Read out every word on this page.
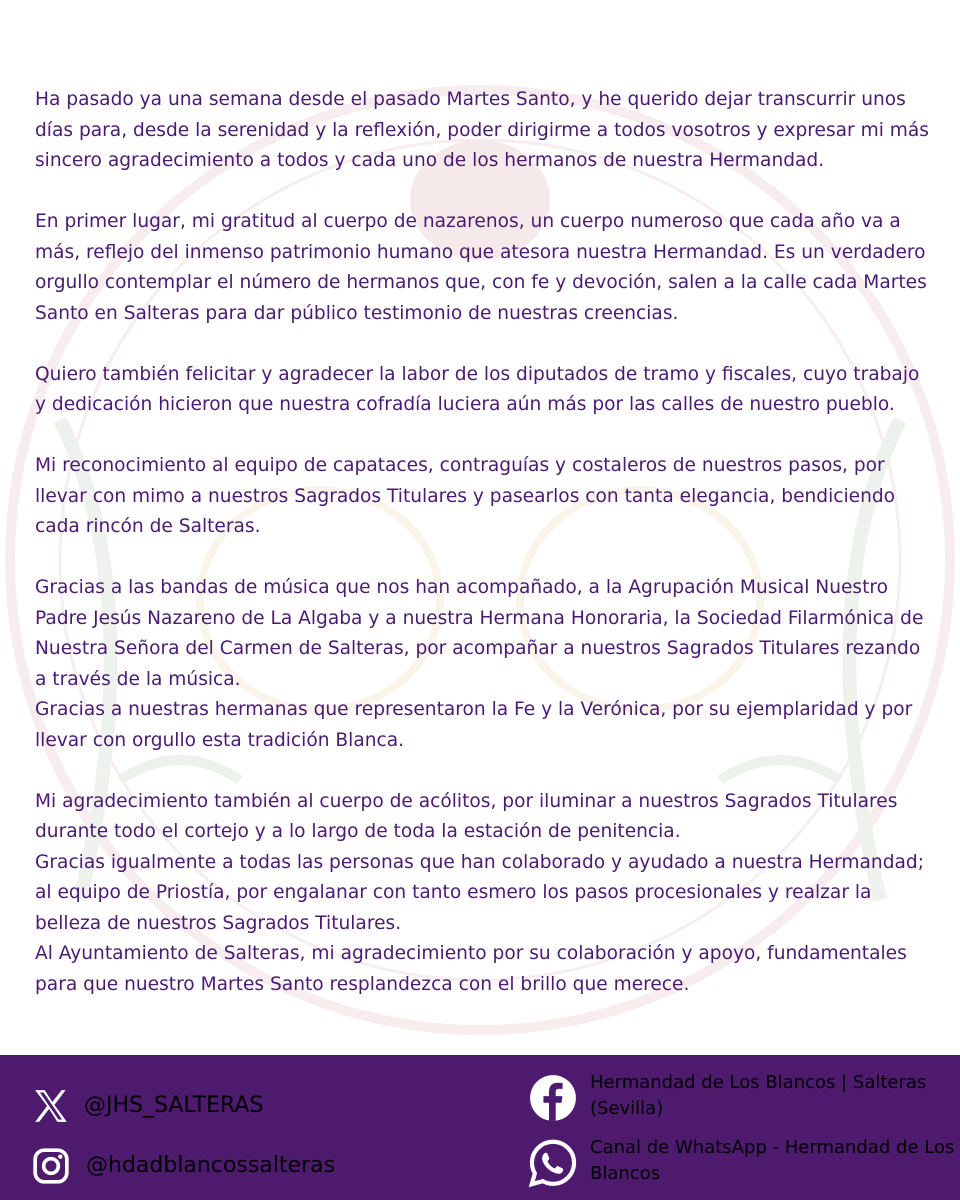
Ha pasado ya una semana desde el pasado Martes Santo, y he querido dejar transcurrir unos días para, desde la serenidad y la reflexión, poder dirigirme a todos vosotros y expresar mi más sincero agradecimiento a todos y cada uno de los hermanos de nuestra Hermandad.

En primer lugar, mi gratitud al cuerpo de nazarenos, un cuerpo numeroso que cada año va a más, reflejo del inmenso patrimonio humano que atesora nuestra Hermandad. Es un verdadero orgullo contemplar el número de hermanos que, con fe y devoción, salen a la calle cada Martes Santo en Salteras para dar público testimonio de nuestras creencias.

Quiero también felicitar y agradecer la labor de los diputados de tramo y fiscales, cuyo trabajo y dedicación hicieron que nuestra cofradía luciera aún más por las calles de nuestro pueblo.

Mi reconocimiento al equipo de capataces, contraguías y costaleros de nuestros pasos, por llevar con mimo a nuestros Sagrados Titulares y pasearlos con tanta elegancia, bendiciendo cada rincón de Salteras.

Gracias a las bandas de música que nos han acompañado, a la Agrupación Musical Nuestro Padre Jesús Nazareno de La Algaba y a nuestra Hermana Honoraria, la Sociedad Filarmónica de Nuestra Señora del Carmen de Salteras, por acompañar a nuestros Sagrados Titulares rezando a través de la música.

Gracias a nuestras hermanas que representaron la Fe y la Verónica, por su ejemplaridad y por llevar con orgullo esta tradición Blanca.

Mi agradecimiento también al cuerpo de acólitos, por iluminar a nuestros Sagrados Titulares durante todo el cortejo y a lo largo de toda la estación de penitencia.

Gracias igualmente a todas las personas que han colaborado y ayudado a nuestra Hermandad; al equipo de Priostía, por engalanar con tanto esmero los pasos procesionales y realzar la belleza de nuestros Sagrados Titulares.

Al Ayuntamiento de Salteras, mi agradecimiento por su colaboración y apoyo, fundamentales para que nuestro Martes Santo resplandezca con el brillo que merece.

@JHS_SALTERAS
@hdadblancossalteras
Hermandad de Los Blancos | Salteras (Sevilla)
Canal de WhatsApp - Hermandad de Los Blancos
